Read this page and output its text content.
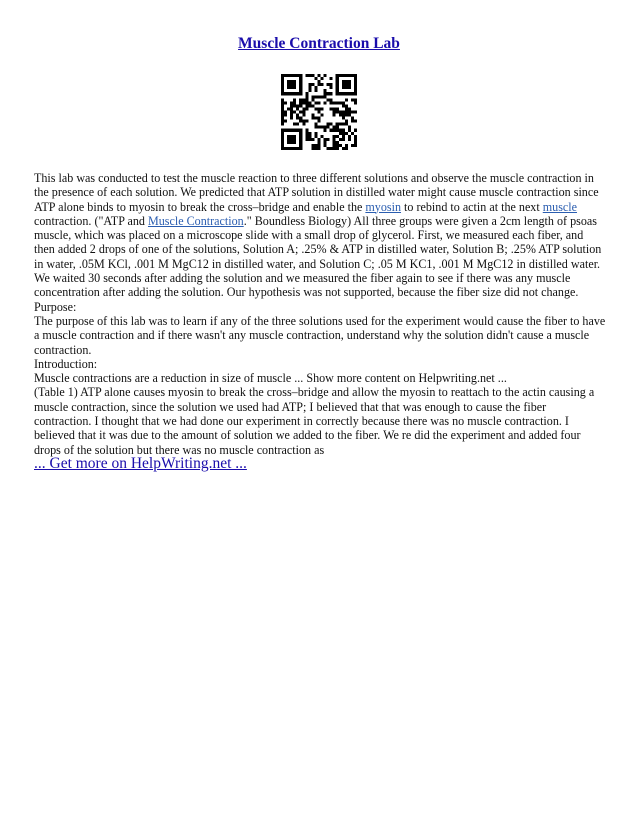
Muscle Contraction Lab

This lab was conducted to test the muscle reaction to three different solutions and observe the muscle contraction in the presence of each solution. We predicted that ATP solution in distilled water might cause muscle contraction since ATP alone binds to myosin to break the cross–bridge and enable the myosin to rebind to actin at the next muscle contraction. ("ATP and Muscle Contraction." Boundless Biology) All three groups were given a 2cm length of psoas muscle, which was placed on a microscope slide with a small drop of glycerol. First, we measured each fiber, and then added 2 drops of one of the solutions, Solution A; .25% & ATP in distilled water, Solution B; .25% ATP solution in water, .05M KCl, .001 M MgC12 in distilled water, and Solution C; .05 M KC1, .001 M MgC12 in distilled water. We waited 30 seconds after adding the solution and we measured the fiber again to see if there was any muscle concentration after adding the solution. Our hypothesis was not supported, because the fiber size did not change.

Purpose:

The purpose of this lab was to learn if any of the three solutions used for the experiment would cause the fiber to have a muscle contraction and if there wasn't any muscle contraction, understand why the solution didn't cause a muscle contraction.

Introduction:

Muscle contractions are a reduction in size of muscle ... Show more content on Helpwriting.net ...

(Table 1) ATP alone causes myosin to break the cross–bridge and allow the myosin to reattach to the actin causing a muscle contraction, since the solution we used had ATP; I believed that that was enough to cause the fiber contraction. I thought that we had done our experiment in correctly because there was no muscle contraction. I believed that it was due to the amount of solution we added to the fiber. We re did the experiment and added four drops of the solution but there was no muscle contraction as

... Get more on HelpWriting.net ...
